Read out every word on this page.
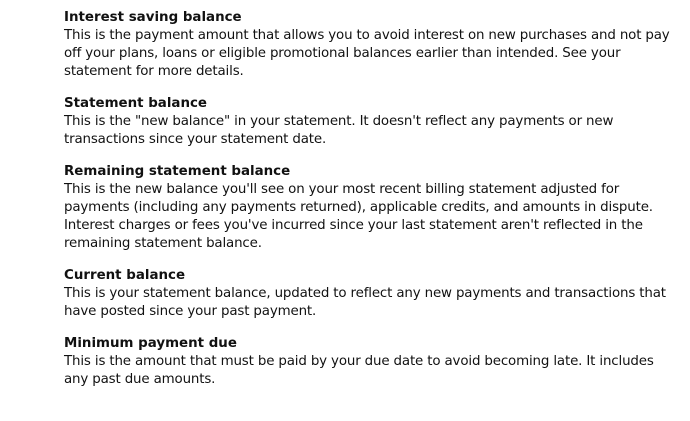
Interest saving balance

This is the payment amount that allows you to avoid interest on new purchases and not pay off your plans, loans or eligible promotional balances earlier than intended. See your statement for more details.

Statement balance

This is the "new balance" in your statement. It doesn't reflect any payments or new transactions since your statement date.

Remaining statement balance

This is the new balance you'll see on your most recent billing statement adjusted for payments (including any payments returned), applicable credits, and amounts in dispute. Interest charges or fees you've incurred since your last statement aren't reflected in the remaining statement balance.

Current balance

This is your statement balance, updated to reflect any new payments and transactions that have posted since your past payment.

Minimum payment due

This is the amount that must be paid by your due date to avoid becoming late. It includes any past due amounts.
